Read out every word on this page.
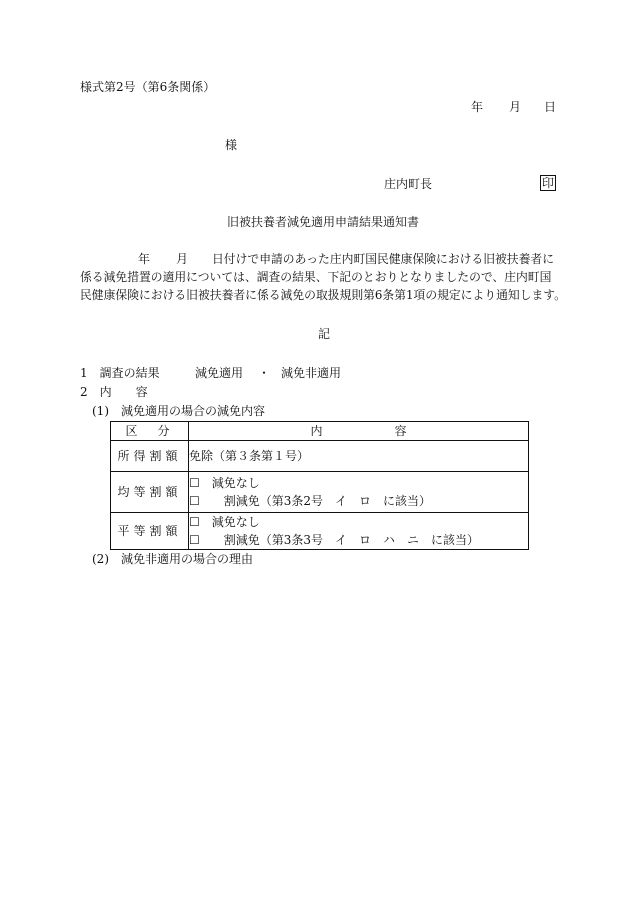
様式第2号（第6条関係）
年 月 日
様
庄内町長	印
旧被扶養者減免適用申請結果通知書
年 月 日付けで申請のあった庄内町国民健康保険における旧被扶養者に
係る減免措置の適用については、調査の結果、下記のとおりとなりましたので、庄内町国
民健康保険における旧被扶養者に係る減免の取扱規則第6条第1項の規定により通知します。
記
1　調査の結果	減免適用 ・ 減免非適用
2　内　　容
(1)　減免適用の場合の減免内容
区　分	内　　　　　　容
所得割額	免除（第３条第１号）

均等割額	☐　減免なし
☐　　割減免（第3条2号　イ　ロ　に該当）

平等割額	☐　減免なし
☐　　割減免（第3条3号　イ　ロ　ハ　ニ　に該当）
(2)　減免非適用の場合の理由
